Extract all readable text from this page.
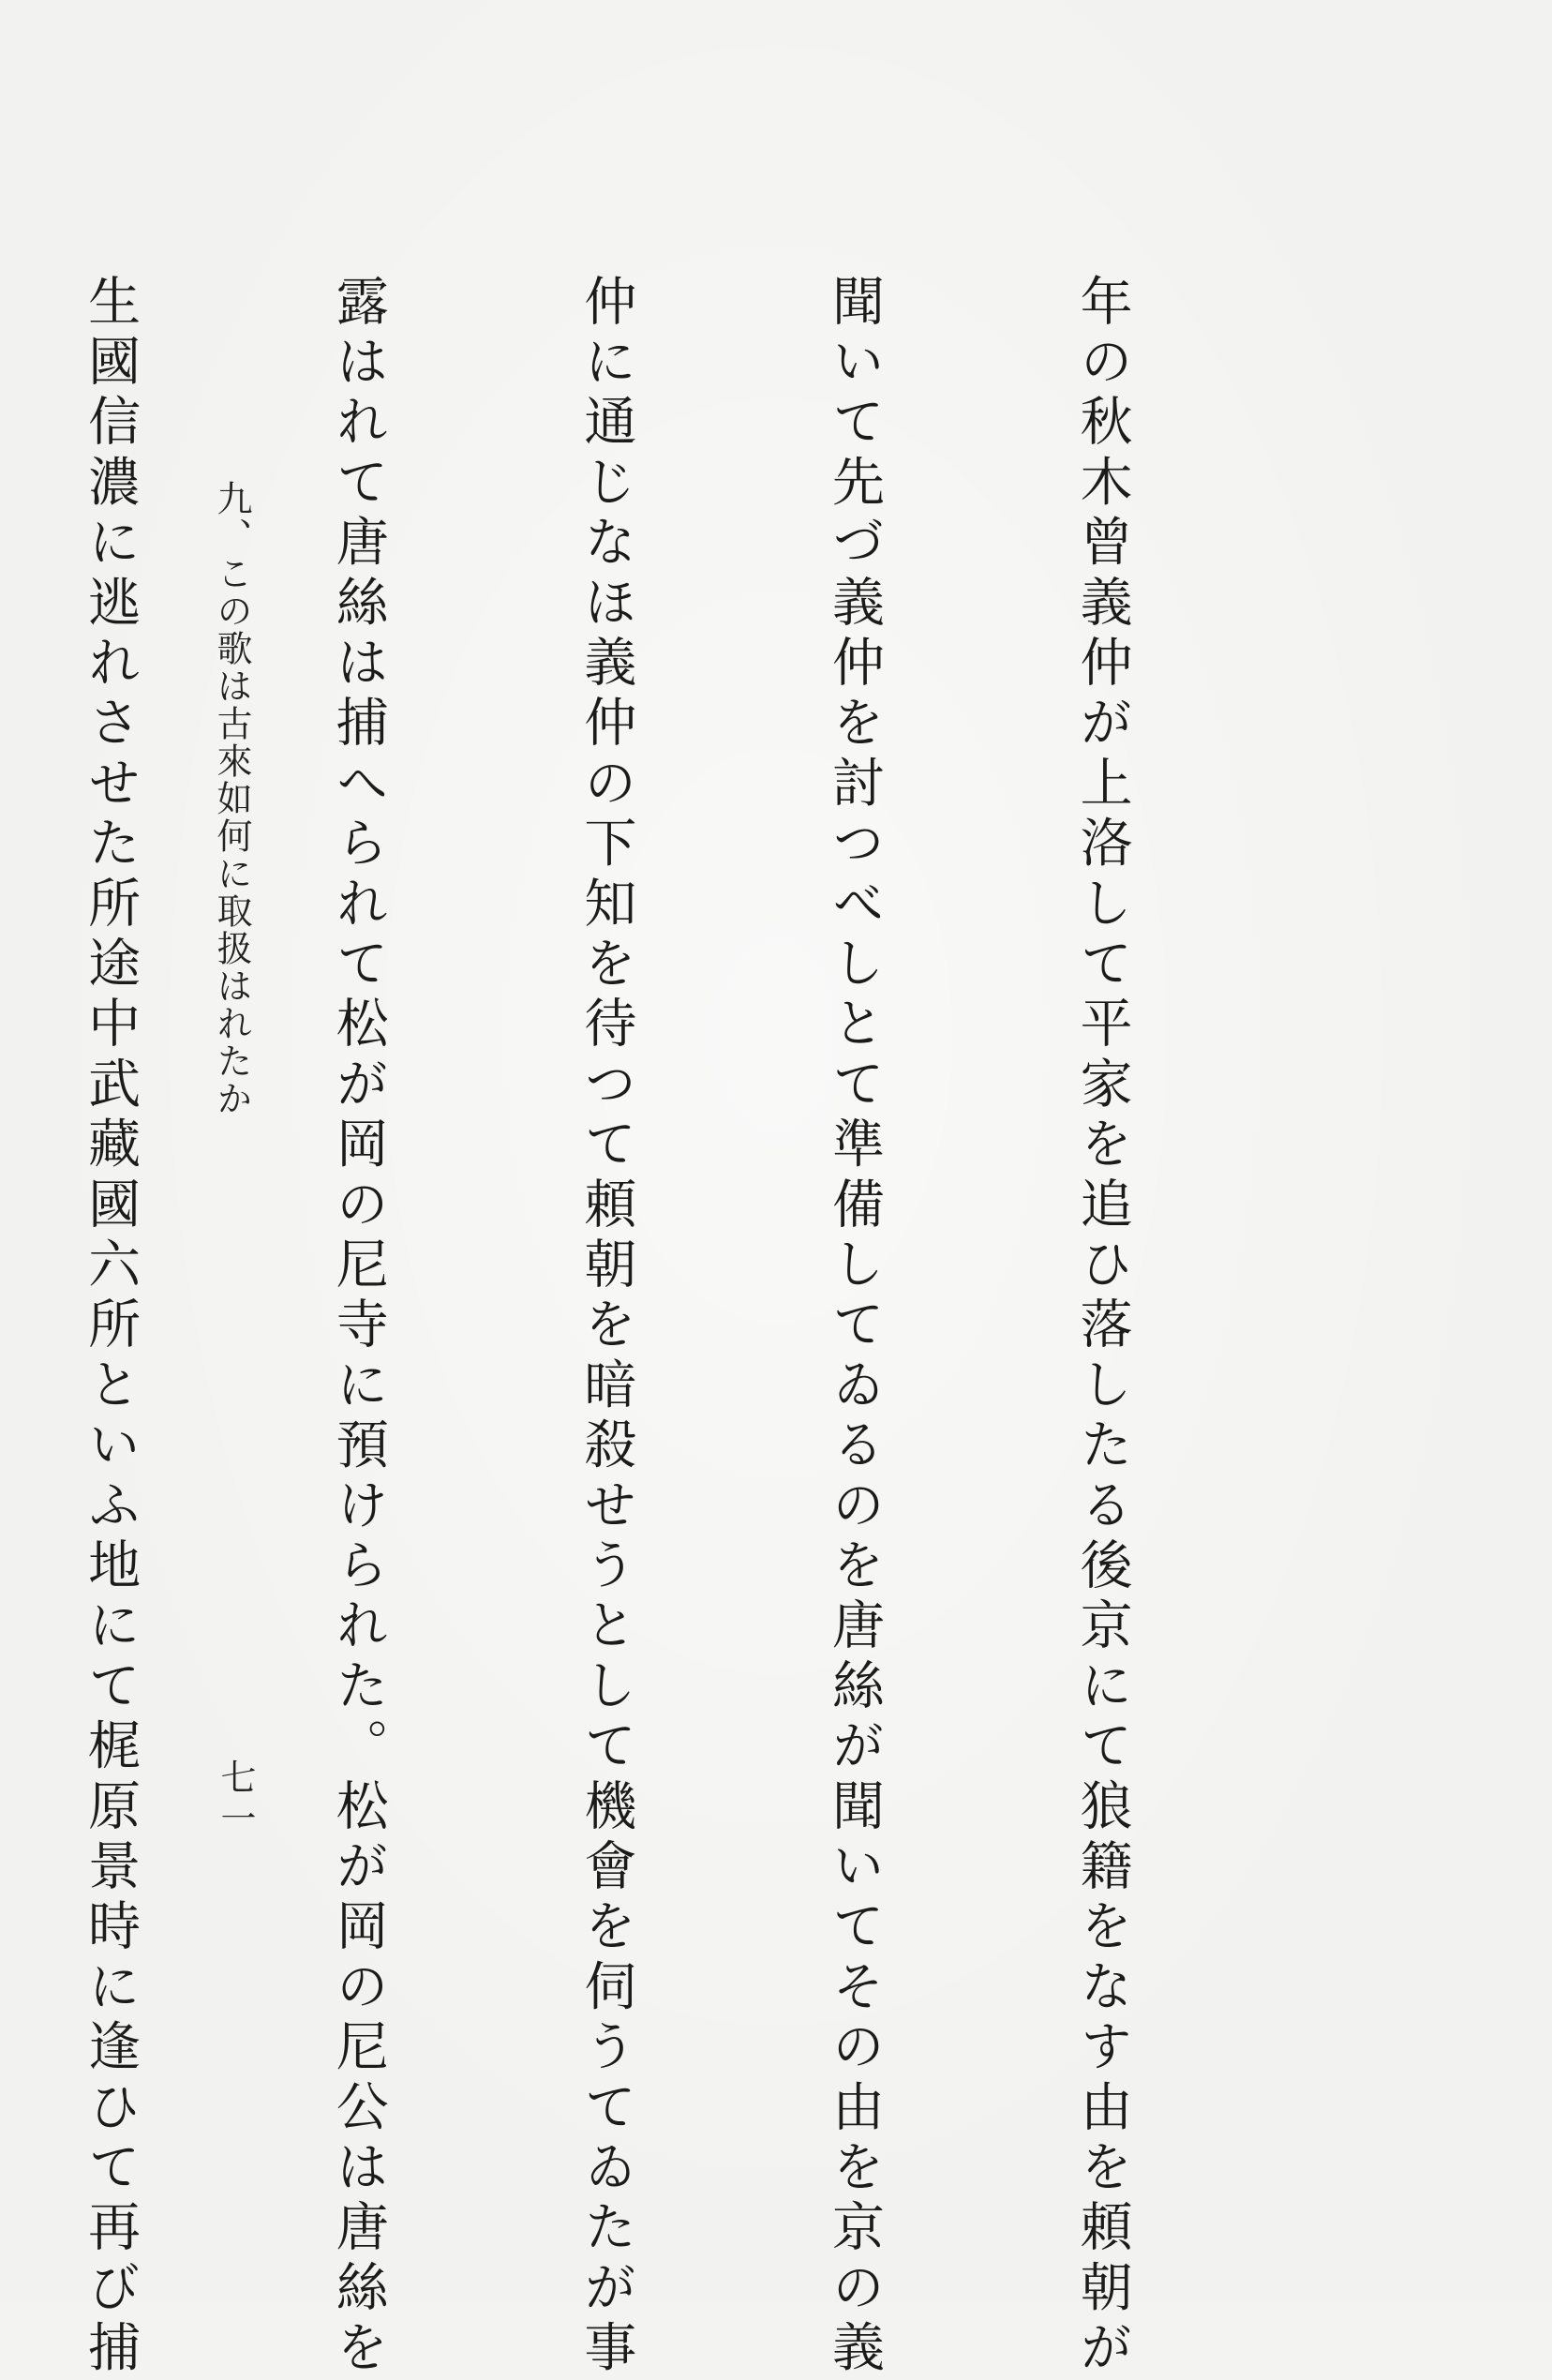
年の秋木曾義仲が上洛して平家を追ひ落したる後京にて狼籍をなす由を頼朝が

聞いて先づ義仲を討つべしとて準備してゐるのを唐絲が聞いてその由を京の義

仲に通じなほ義仲の下知を待つて頼朝を暗殺せうとして機會を伺うてゐたが事

露はれて唐絲は捕へられて松が岡の尼寺に預けられた。松が岡の尼公は唐絲を

生國信濃に逃れさせた所途中武藏國六所といふ地にて梶原景時に逢ひて再び捕

九、この歌は古來如何に取扱はれたか
七一
